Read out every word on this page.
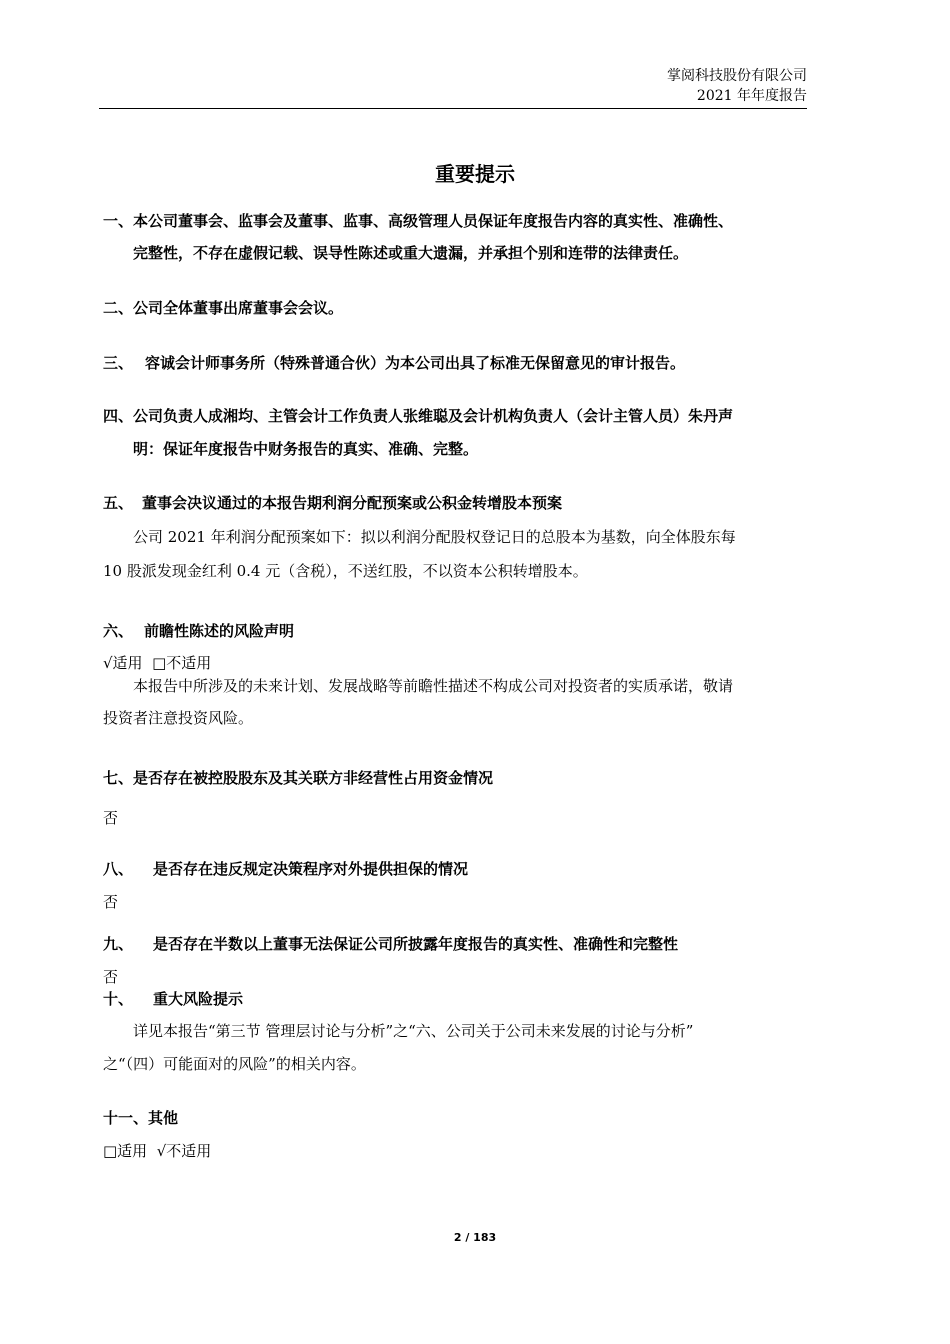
掌阅科技股份有限公司
2021 年年度报告
重要提示
一、本公司董事会、监事会及董事、监事、高级管理人员保证年度报告内容的真实性、准确性、
完整性，不存在虚假记载、误导性陈述或重大遗漏，并承担个别和连带的法律责任。
二、公司全体董事出席董事会会议。
三、 容诚会计师事务所（特殊普通合伙）为本公司出具了标准无保留意见的审计报告。
四、公司负责人成湘均、主管会计工作负责人张维聪及会计机构负责人（会计主管人员）朱丹声
明：保证年度报告中财务报告的真实、准确、完整。
五、 董事会决议通过的本报告期利润分配预案或公积金转增股本预案
公司 2021 年利润分配预案如下：拟以利润分配股权登记日的总股本为基数，向全体股东每
10 股派发现金红利 0.4 元（含税），不送红股，不以资本公积转增股本。
六、 前瞻性陈述的风险声明
√适用  □不适用
本报告中所涉及的未来计划、发展战略等前瞻性描述不构成公司对投资者的实质承诺，敬请
投资者注意投资风险。
七、是否存在被控股股东及其关联方非经营性占用资金情况
否
八、 是否存在违反规定决策程序对外提供担保的情况
否
九、 是否存在半数以上董事无法保证公司所披露年度报告的真实性、准确性和完整性
否
十、 重大风险提示
详见本报告“第三节 管理层讨论与分析”之“六、公司关于公司未来发展的讨论与分析”
之“（四）可能面对的风险”的相关内容。
十一、其他
□适用  √不适用
2 / 183
